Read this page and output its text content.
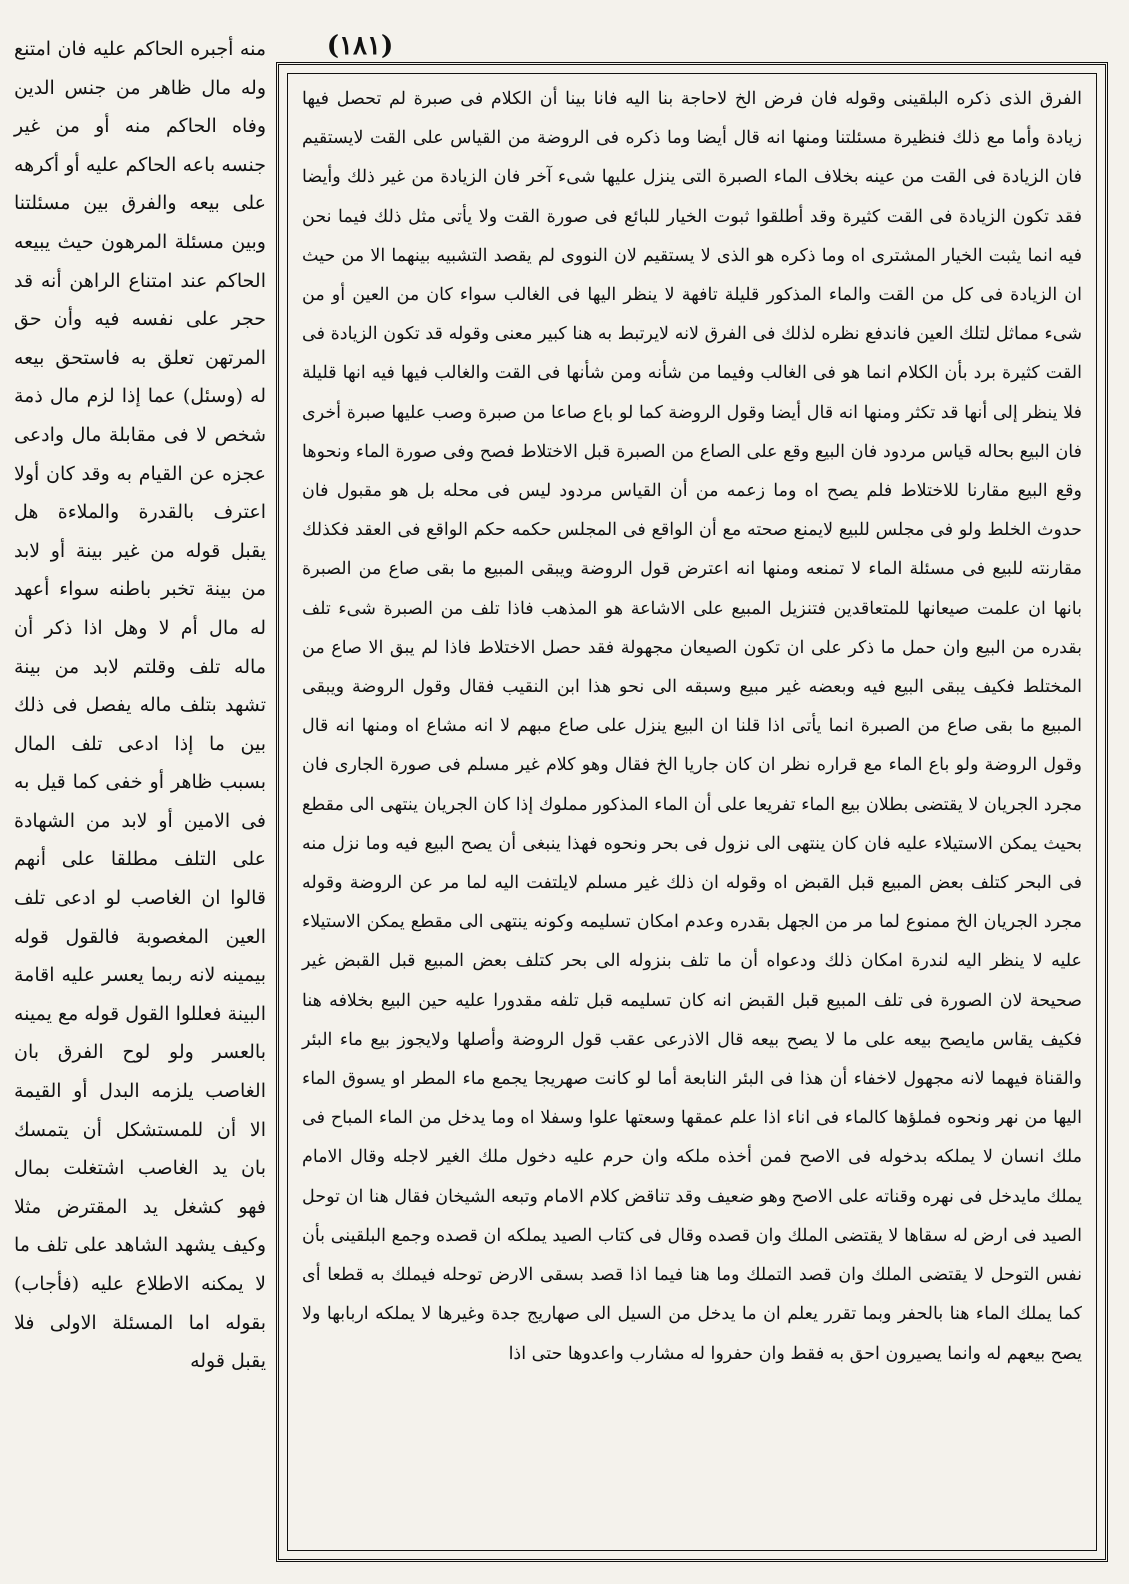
(١٨١)

الفرق الذى ذكره البلقينى وقوله فان فرض الخ لاحاجة بنا اليه فانا بينا أن الكلام فى صبرة لم تحصل فيها زيادة وأما مع ذلك فنظيرة مسئلتنا ومنها انه قال أيضا وما ذكره فى الروضة من القياس على القت لايستقيم فان الزيادة فى القت من عينه بخلاف الماء الصبرة التى ينزل عليها شىء آخر فان الزيادة من غير ذلك وأيضا فقد تكون الزيادة فى القت كثيرة وقد أطلقوا ثبوت الخيار للبائع فى صورة القت ولا يأتى مثل ذلك فيما نحن فيه انما يثبت الخيار المشترى اه وما ذكره هو الذى لا يستقيم لان النووى لم يقصد التشبيه بينهما الا من حيث ان الزيادة فى كل من القت والماء المذكور قليلة تافهة لا ينظر اليها فى الغالب سواء كان من العين أو من شىء مماثل لتلك العين فاندفع نظره لذلك فى الفرق لانه لايرتبط به هنا كبير معنى وقوله قد تكون الزيادة فى القت كثيرة برد بأن الكلام انما هو فى الغالب وفيما من شأنه ومن شأنها فى القت والغالب فيها فيه انها قليلة فلا ينظر إلى أنها قد تكثر ومنها انه قال أيضا وقول الروضة كما لو باع صاعا من صبرة وصب عليها صبرة أخرى فان البيع بحاله قياس مردود فان البيع وقع على الصاع من الصبرة قبل الاختلاط فصح وفى صورة الماء ونحوها وقع البيع مقارنا للاختلاط فلم يصح اه وما زعمه من أن القياس مردود ليس فى محله بل هو مقبول فان حدوث الخلط ولو فى مجلس للبيع لايمنع صحته مع أن الواقع فى المجلس حكمه حكم الواقع فى العقد فكذلك مقارنته للبيع فى مسئلة الماء لا تمنعه ومنها انه اعترض قول الروضة ويبقى المبيع ما بقى صاع من الصبرة بانها ان علمت صيعانها للمتعاقدين فتنزيل المبيع على الاشاعة هو المذهب فاذا تلف من الصبرة شىء تلف بقدره من البيع وان حمل ما ذكر على ان تكون الصيعان مجهولة فقد حصل الاختلاط فاذا لم يبق الا صاع من المختلط فكيف يبقى البيع فيه وبعضه غير مبيع وسبقه الى نحو هذا ابن النقيب فقال وقول الروضة ويبقى المبيع ما بقى صاع من الصبرة انما يأتى اذا قلنا ان البيع ينزل على صاع مبهم لا انه مشاع اه ومنها انه قال وقول الروضة ولو باع الماء مع قراره نظر ان كان جاريا الخ فقال وهو كلام غير مسلم فى صورة الجارى فان مجرد الجريان لا يقتضى بطلان بيع الماء تفريعا على أن الماء المذكور مملوك إذا كان الجريان ينتهى الى مقطع بحيث يمكن الاستيلاء عليه فان كان ينتهى الى نزول فى بحر ونحوه فهذا ينبغى أن يصح البيع فيه وما نزل منه فى البحر كتلف بعض المبيع قبل القبض اه وقوله ان ذلك غير مسلم لايلتفت اليه لما مر عن الروضة وقوله مجرد الجريان الخ ممنوع لما مر من الجهل بقدره وعدم امكان تسليمه وكونه ينتهى الى مقطع يمكن الاستيلاء عليه لا ينظر اليه لندرة امكان ذلك ودعواه أن ما تلف بنزوله الى بحر كتلف بعض المبيع قبل القبض غير صحيحة لان الصورة فى تلف المبيع قبل القبض انه كان تسليمه قبل تلفه مقدورا عليه حين البيع بخلافه هنا فكيف يقاس مايصح بيعه على ما لا يصح بيعه قال الاذرعى عقب قول الروضة وأصلها ولايجوز بيع ماء البئر والقناة فيهما لانه مجهول لاخفاء أن هذا فى البئر النابعة أما لو كانت صهريجا يجمع ماء المطر او يسوق الماء اليها من نهر ونحوه فملؤها كالماء فى اناء اذا علم عمقها وسعتها علوا وسفلا اه وما يدخل من الماء المباح فى ملك انسان لا يملكه بدخوله فى الاصح فمن أخذه ملكه وان حرم عليه دخول ملك الغير لاجله وقال الامام يملك مايدخل فى نهره وقناته على الاصح وهو ضعيف وقد تناقض كلام الامام وتبعه الشيخان فقال هنا ان توحل الصيد فى ارض له سقاها لا يقتضى الملك وان قصده وقال فى كتاب الصيد يملكه ان قصده وجمع البلقينى بأن نفس التوحل لا يقتضى الملك وان قصد التملك وما هنا فيما اذا قصد بسقى الارض توحله فيملك به قطعا أى كما يملك الماء هنا بالحفر وبما تقرر يعلم ان ما يدخل من السيل الى صهاريج جدة وغيرها لا يملكه اربابها ولا يصح بيعهم له وانما يصيرون احق به فقط وان حفروا له مشارب واعدوها حتى اذا

منه أجبره الحاكم عليه فان امتنع وله مال ظاهر من جنس الدين وفاه الحاكم منه أو من غير جنسه باعه الحاكم عليه أو أكرهه على بيعه والفرق بين مسئلتنا وبين مسئلة المرهون حيث يبيعه الحاكم عند امتناع الراهن أنه قد حجر على نفسه فيه وأن حق المرتهن تعلق به فاستحق بيعه له (وسئل) عما إذا لزم مال ذمة شخص لا فى مقابلة مال وادعى عجزه عن القيام به وقد كان أولا اعترف بالقدرة والملاءة هل يقبل قوله من غير بينة أو لابد من بينة تخبر باطنه سواء أعهد له مال أم لا وهل اذا ذكر أن ماله تلف وقلتم لابد من بينة تشهد بتلف ماله يفصل فى ذلك بين ما إذا ادعى تلف المال بسبب ظاهر أو خفى كما قيل به فى الامين أو لابد من الشهادة على التلف مطلقا على أنهم قالوا ان الغاصب لو ادعى تلف العين المغصوبة فالقول قوله بيمينه لانه ربما يعسر عليه اقامة البينة فعللوا القول قوله مع يمينه بالعسر ولو لوح الفرق بان الغاصب يلزمه البدل أو القيمة الا أن للمستشكل أن يتمسك بان يد الغاصب اشتغلت بمال فهو كشغل يد المقترض مثلا وكيف يشهد الشاهد على تلف ما لا يمكنه الاطلاع عليه (فأجاب) بقوله اما المسئلة الاولى فلا يقبل قوله
